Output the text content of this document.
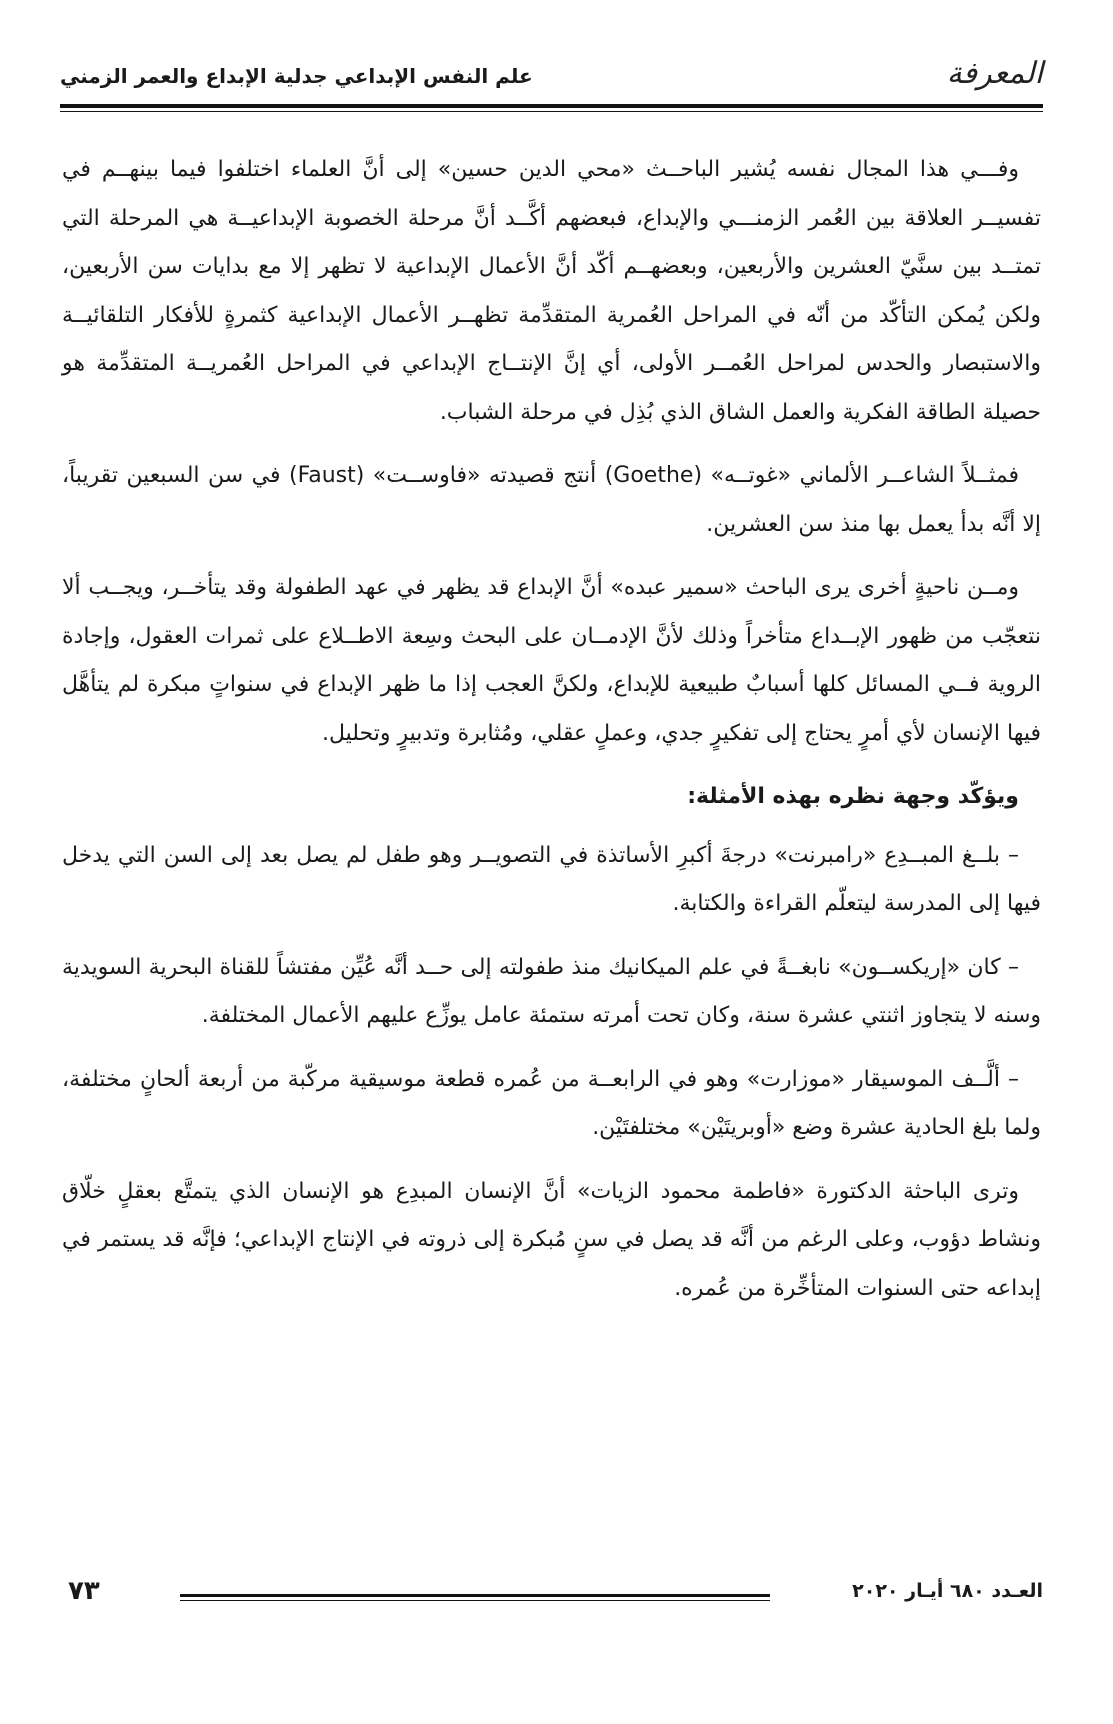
المعرفة
علم النفس الإبداعي جدلية الإبداع والعمر الزمني

وفـــي هذا المجال نفسه يُشير الباحــث «محي الدين حسين» إلى أنَّ العلماء اختلفوا فيما بينهــم في تفسيــر العلاقة بين العُمر الزمنـــي والإبداع، فبعضهم أكَّــد أنَّ مرحلة الخصوبة الإبداعيــة هي المرحلة التي تمتــد بين سنَّيّ العشرين والأربعين، وبعضهــم أكّد أنَّ الأعمال الإبداعية لا تظهر إلا مع بدايات سن الأربعين، ولكن يُمكن التأكّد من أنّه في المراحل العُمرية المتقدِّمة تظهــر الأعمال الإبداعية كثمرةٍ للأفكار التلقائيــة والاستبصار والحدس لمراحل العُمــر الأولى، أي إنَّ الإنتــاج الإبداعي في المراحل العُمريــة المتقدِّمة هو حصيلة الطاقة الفكرية والعمل الشاق الذي بُذِل في مرحلة الشباب.

فمثــلاً الشاعــر الألماني «غوتــه» (Goethe) أنتج قصيدته «فاوســت» (Faust) في سن السبعين تقريباً، إلا أنَّه بدأ يعمل بها منذ سن العشرين.

ومــن ناحيةٍ أخرى يرى الباحث «سمير عبده» أنَّ الإبداع قد يظهر في عهد الطفولة وقد يتأخــر، ويجــب ألا نتعجّب من ظهور الإبــداع متأخراً وذلك لأنَّ الإدمــان على البحث وسِعة الاطــلاع على ثمرات العقول، وإجادة الروية فــي المسائل كلها أسبابٌ طبيعية للإبداع، ولكنَّ العجب إذا ما ظهر الإبداع في سنواتٍ مبكرة لم يتأهَّل فيها الإنسان لأي أمرٍ يحتاج إلى تفكيرٍ جدي، وعملٍ عقلي، ومُثابرة وتدبيرٍ وتحليل.

ويؤكّد وجهة نظره بهذه الأمثلة:

– بلــغ المبــدِع «رامبرنت» درجةَ أكبرِ الأساتذة في التصويــر وهو طفل لم يصل بعد إلى السن التي يدخل فيها إلى المدرسة ليتعلّم القراءة والكتابة.

– كان «إريكســون» نابغــةً في علم الميكانيك منذ طفولته إلى حــد أنَّه عُيِّن مفتشاً للقناة البحرية السويدية وسنه لا يتجاوز اثنتي عشرة سنة، وكان تحت أمرته ستمئة عامل يوزِّع عليهم الأعمال المختلفة.

– ألَّــف الموسيقار «موزارت» وهو في الرابعــة من عُمره قطعة موسيقية مركّبة من أربعة ألحانٍ مختلفة، ولما بلغ الحادية عشرة وضع «أوبريتَيْن» مختلفتَيْن.

وترى الباحثة الدكتورة «فاطمة محمود الزيات» أنَّ الإنسان المبدِع هو الإنسان الذي يتمتَّع بعقلٍ خلّاق ونشاط دؤوب، وعلى الرغم من أنَّه قد يصل في سنٍ مُبكرة إلى ذروته في الإنتاج الإبداعي؛ فإنَّه قد يستمر في إبداعه حتى السنوات المتأخِّرة من عُمره.

العـدد ٦٨٠ أيـار ٢٠٢٠
٧٣
